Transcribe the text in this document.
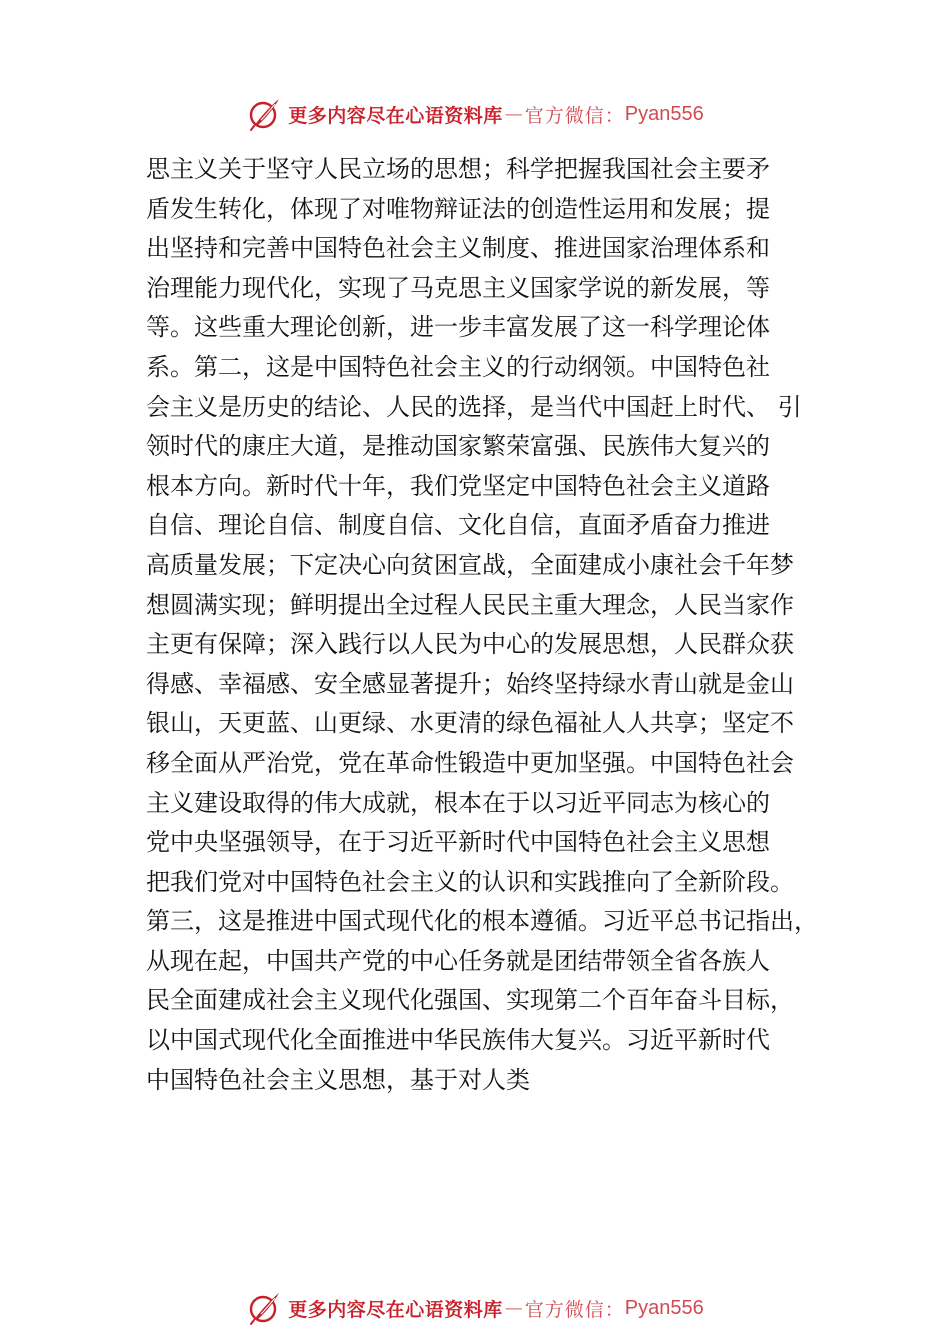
更多内容尽在心语资料库 — 官方微信： Pyan556
思主义关于坚守人民立场的思想；科学把握我国社会主要矛
盾发生转化，体现了对唯物辩证法的创造性运用和发展；提
出坚持和完善中国特色社会主义制度、推进国家治理体系和
治理能力现代化，实现了马克思主义国家学说的新发展，等
等。这些重大理论创新，进一步丰富发展了这一科学理论体
系。第二，这是中国特色社会主义的行动纲领。中国特色社
会主义是历史的结论、人民的选择，是当代中国赶上时代、 引
领时代的康庄大道，是推动国家繁荣富强、民族伟大复兴的
根本方向。新时代十年，我们党坚定中国特色社会主义道路
自信、理论自信、制度自信、文化自信，直面矛盾奋力推进
高质量发展；下定决心向贫困宣战，全面建成小康社会千年梦
想圆满实现；鲜明提出全过程人民民主重大理念，人民当家作
主更有保障；深入践行以人民为中心的发展思想，人民群众获
得感、幸福感、安全感显著提升；始终坚持绿水青山就是金山
银山，天更蓝、山更绿、水更清的绿色福祉人人共享；坚定不
移全面从严治党，党在革命性锻造中更加坚强。中国特色社会
主义建设取得的伟大成就，根本在于以习近平同志为核心的
党中央坚强领导，在于习近平新时代中国特色社会主义思想
把我们党对中国特色社会主义的认识和实践推向了全新阶段。
第三，这是推进中国式现代化的根本遵循。习近平总书记指出，
从现在起，中国共产党的中心任务就是团结带领全省各族人
民全面建成社会主义现代化强国、实现第二个百年奋斗目标，
以中国式现代化全面推进中华民族伟大复兴。习近平新时代
中国特色社会主义思想，基于对人类
更多内容尽在心语资料库 — 官方微信： Pyan556
